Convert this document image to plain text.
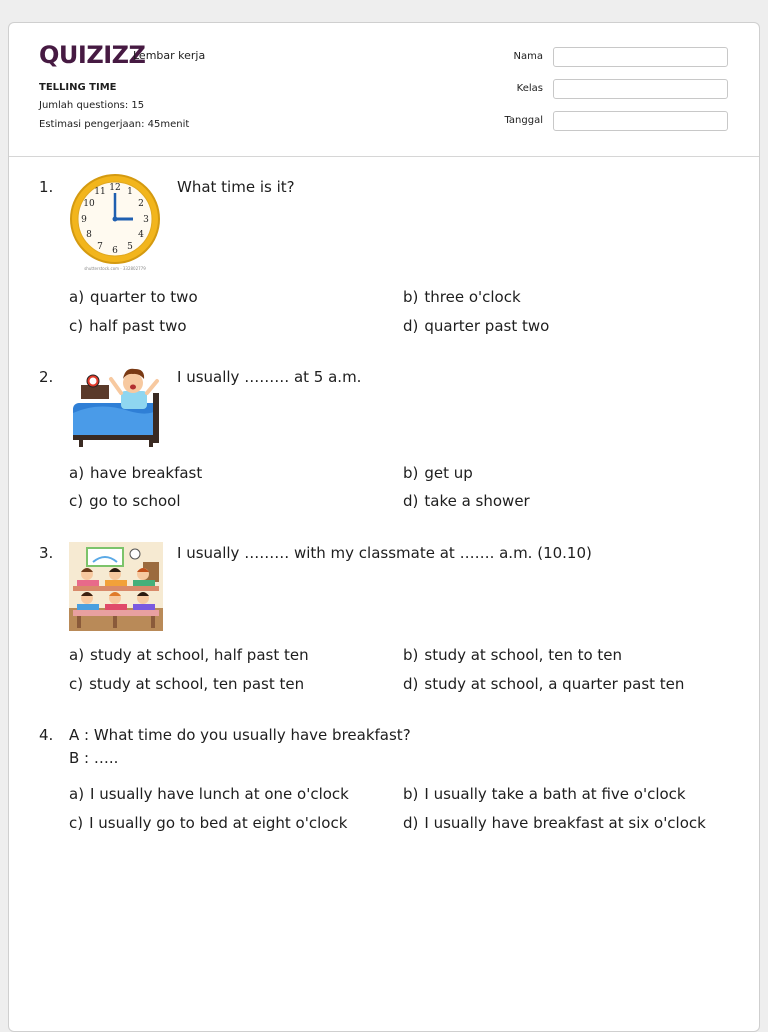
QUIZIZZ
Lembar kerja
TELLING TIME
Jumlah questions: 15
Estimasi pengerjaan: 45menit
Nama
Kelas
Tanggal
1.	12 1
2
3
4
5
6
7
8
9
10
11
shutterstock.com · 332802779
What time is it?
a) quarter to two	b) three o'clock
c) half past two	d) quarter past two
2.	I usually ……… at 5 a.m.
a) have breakfast	b) get up
c) go to school	d) take a shower
3.	I usually ……… with my classmate at ……. a.m. (10.10)
a) study at school, half past ten	b) study at school, ten to ten
c) study at school, ten past ten	d) study at school, a quarter past ten
4. A : What time do you usually have breakfast?
B : …..
a) I usually have lunch at one o'clock	b) I usually take a bath at five o'clock
c) I usually go to bed at eight o'clock	d) I usually have breakfast at six o'clock
